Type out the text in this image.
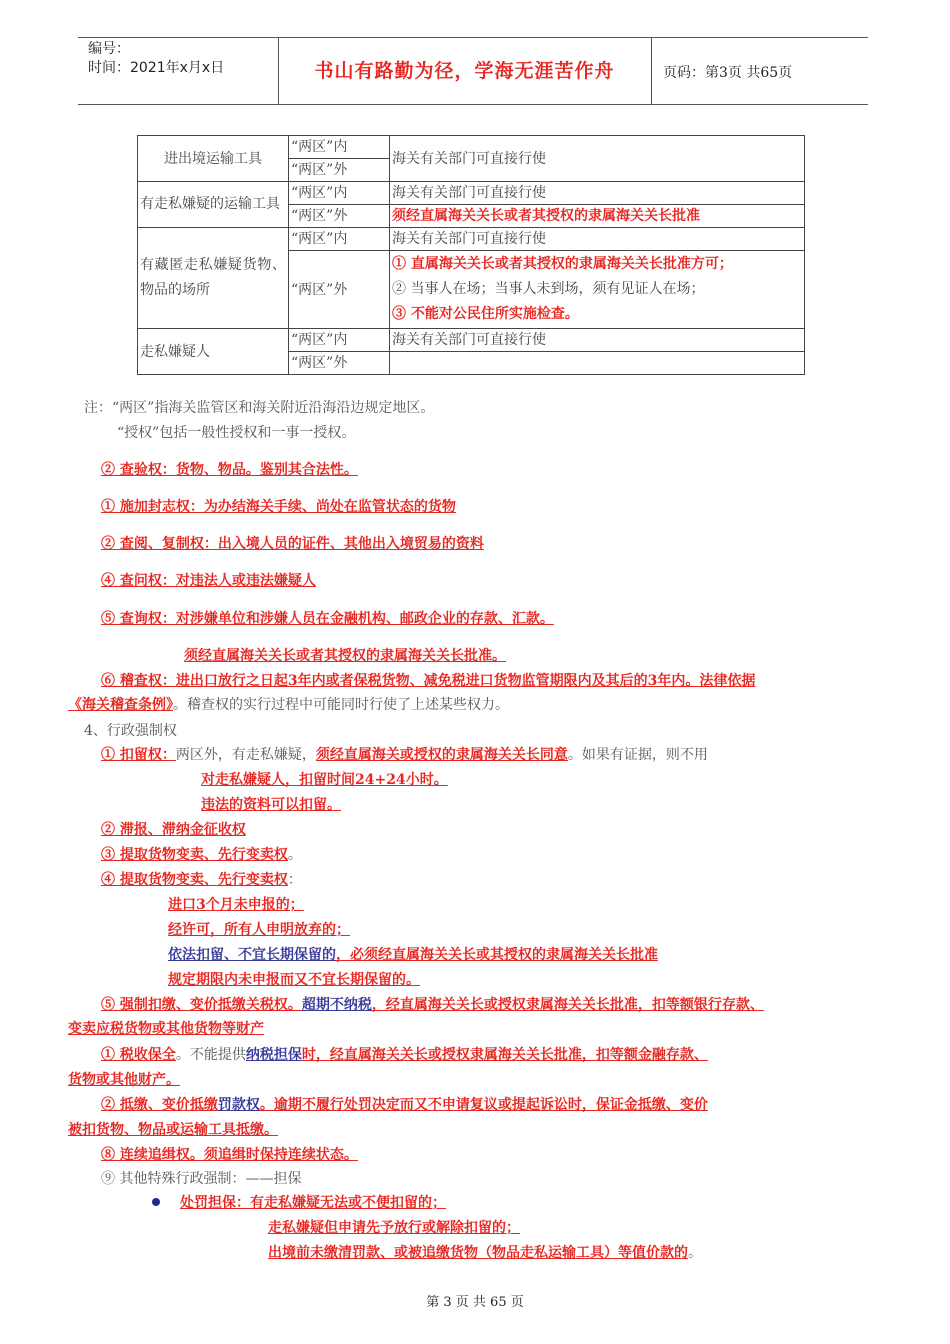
编号：
时间：2021年x月x日	书山有路勤为径，学海无涯苦作舟	页码：第3页 共65页
进出境运输工具	“两区”内	海关有关部门可直接行使
	“两区”外	
有走私嫌疑的运输工具	“两区”内	海关有关部门可直接行使
	“两区”外	须经直属海关关长或者其授权的隶属海关关长批准
有藏匿走私嫌疑货物、物品的场所	“两区”内	海关有关部门可直接行使
	“两区”外	① 直属海关关长或者其授权的隶属海关关长批准方可；
② 当事人在场；当事人未到场，须有见证人在场；
③ 不能对公民住所实施检查。

走私嫌疑人	“两区”内	海关有关部门可直接行使
	“两区”外	
注：“两区”指海关监管区和海关附近沿海沿边规定地区。
“授权”包括一般性授权和一事一授权。
② 查验权：货物、物品。鉴别其合法性。
① 施加封志权：为办结海关手续、尚处在监管状态的货物
② 查阅、复制权：出入境人员的证件、其他出入境贸易的资料
④ 查问权：对违法人或违法嫌疑人
⑤ 查询权：对涉嫌单位和涉嫌人员在金融机构、邮政企业的存款、汇款。
须经直属海关关长或者其授权的隶属海关关长批准。
⑥ 稽查权：进出口放行之日起3年内或者保税货物、减免税进口货物监管期限内及其后的3年内。法律依据
《海关稽查条例》。稽查权的实行过程中可能同时行使了上述某些权力。
4、行政强制权
① 扣留权：两区外，有走私嫌疑，须经直属海关或授权的隶属海关关长同意。如果有证据，则不用
对走私嫌疑人，扣留时间24+24小时。
违法的资料可以扣留。
② 滞报、滞纳金征收权
③ 提取货物变卖、先行变卖权。
④ 提取货物变卖、先行变卖权：
进口3个月未申报的；
经许可，所有人申明放弃的；
依法扣留、不宜长期保留的，必须经直属海关关长或其授权的隶属海关关长批准
规定期限内未申报而又不宜长期保留的。
⑤ 强制扣缴、变价抵缴关税权。超期不纳税，经直属海关关长或授权隶属海关关长批准，扣等额银行存款、
变卖应税货物或其他货物等财产
① 税收保全。不能提供纳税担保时，经直属海关关长或授权隶属海关关长批准，扣等额金融存款、
货物或其他财产。
② 抵缴、变价抵缴罚款权。逾期不履行处罚决定而又不申请复议或提起诉讼时，保证金抵缴、变价
被扣货物、物品或运输工具抵缴。
⑧ 连续追缉权。须追缉时保持连续状态。
⑨ 其他特殊行政强制：——担保
处罚担保：有走私嫌疑无法或不便扣留的；
走私嫌疑但申请先予放行或解除扣留的；
出境前未缴清罚款、或被追缴货物（物品走私运输工具）等值价款的。
第 3 页 共 65 页
